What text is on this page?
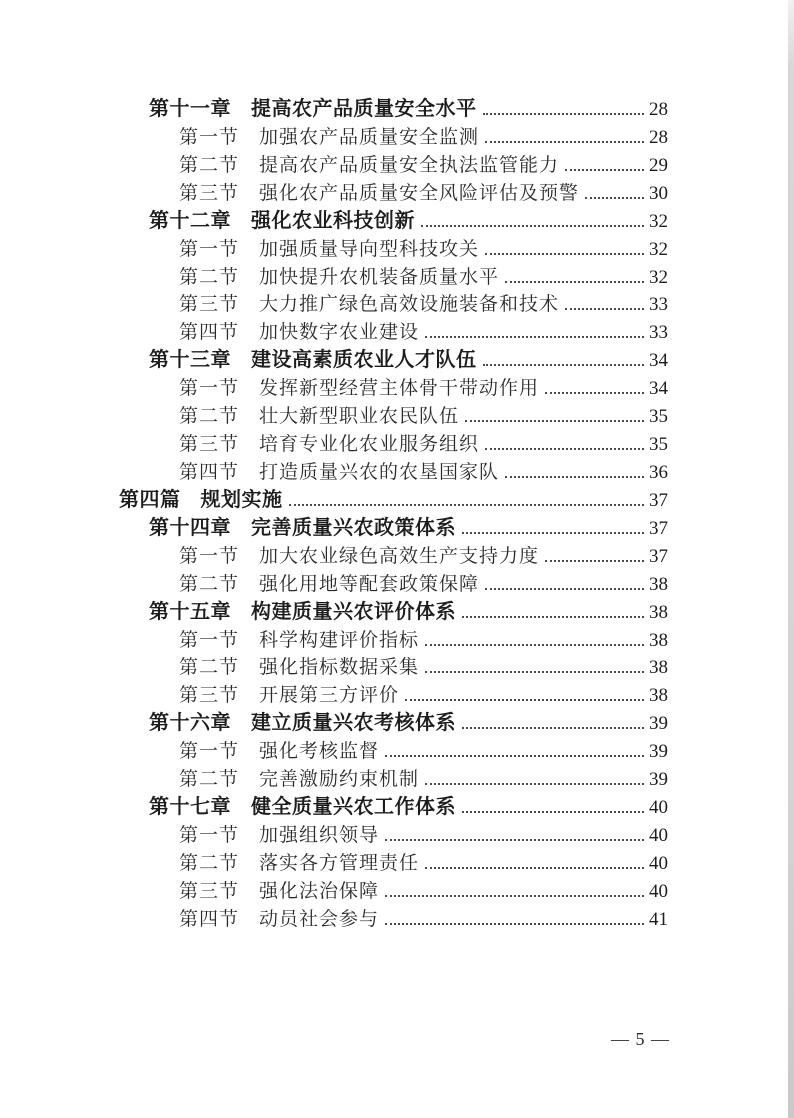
第十一章 提高农产品质量安全水平	28
第一节 加强农产品质量安全监测	28
第二节 提高农产品质量安全执法监管能力	29
第三节 强化农产品质量安全风险评估及预警	30
第十二章 强化农业科技创新	32
第一节 加强质量导向型科技攻关	32
第二节 加快提升农机装备质量水平	32
第三节 大力推广绿色高效设施装备和技术	33
第四节 加快数字农业建设	33
第十三章 建设高素质农业人才队伍	34
第一节 发挥新型经营主体骨干带动作用	34
第二节 壮大新型职业农民队伍	35
第三节 培育专业化农业服务组织	35
第四节 打造质量兴农的农垦国家队	36
第四篇 规划实施	37
第十四章 完善质量兴农政策体系	37
第一节 加大农业绿色高效生产支持力度	37
第二节 强化用地等配套政策保障	38
第十五章 构建质量兴农评价体系	38
第一节 科学构建评价指标	38
第二节 强化指标数据采集	38
第三节 开展第三方评价	38
第十六章 建立质量兴农考核体系	39
第一节 强化考核监督	39
第二节 完善激励约束机制	39
第十七章 健全质量兴农工作体系	40
第一节 加强组织领导	40
第二节 落实各方管理责任	40
第三节 强化法治保障	40
第四节 动员社会参与	41
— 5 —
